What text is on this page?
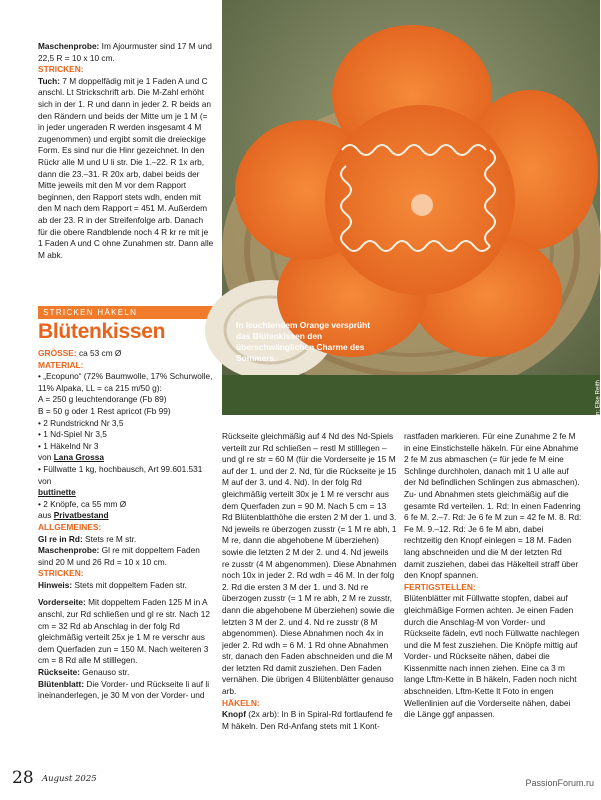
Maschenprobe: Im Ajourmuster sind 17 M und 22,5 R = 10 x 10 cm.

STRICKEN:

Tuch: 7 M doppelfädig mit je 1 Faden A und C anschl. Lt Strickschrift arb. Die M-Zahl erhöht sich in der 1. R und dann in jeder 2. R beids an den Rändern und beids der Mitte um je 1 M (= in jeder ungeraden R werden insgesamt 4 M zugenommen) und ergibt somit die dreieckige Form. Es sind nur die Hinr gezeichnet. In den Rückr alle M und U li str. Die 1.–22. R 1x arb, dann die 23.–31. R 20x arb, dabei beids der Mitte jeweils mit den M vor dem Rapport beginnen, den Rapport stets wdh, enden mit den M nach dem Rapport = 451 M. Außerdem ab der 23. R in der Streifenfolge arb. Danach für die obere Randblende noch 4 R kr re mit je 1 Faden A und C ohne Zunahmen str. Dann alle M abk.

STRICKEN HÄKELN
Blütenkissen

GRÖSSE: ca 53 cm Ø

MATERIAL:

• „Ecopuno“ (72% Baumwolle, 17% Schurwolle, 11% Alpaka, LL = ca 215 m/50 g):

A = 250 g leuchtendorange (Fb 89)

B = 50 g oder 1 Rest apricot (Fb 99)

• 2 Rundstricknd Nr 3,5

• 1 Nd-Spiel Nr 3,5

• 1 Häkelnd Nr 3

von Lana Grossa

• Füllwatte 1 kg, hochbausch, Art 99.601.531 von

buttinette

• 2 Knöpfe, ca 55 mm Ø

aus Privatbestand

ALLGEMEINES:

Gl re in Rd: Stets re M str.

Maschenprobe: Gl re mit doppeltem Faden sind 20 M und 26 Rd = 10 x 10 cm.

STRICKEN:

Hinweis: Stets mit doppeltem Faden str.

Vorderseite: Mit doppeltem Faden 125 M in A anschl, zur Rd schließen und gl re str. Nach 12 cm = 32 Rd ab Anschlag in der folg Rd gleichmäßig verteilt 25x je 1 M re verschr aus dem Querfaden zun = 150 M. Nach weiteren 3 cm = 8 Rd alle M stilllegen.

Rückseite: Genauso str.

Blütenblatt: Die Vorder- und Rückseite li auf li ineinanderlegen, je 30 M von der Vorder- und

In leuchtendem Orange versprüht das Blütenkissen den überschwänglichen Charme des Sommers.
Idee + Realisation: Angelika Alexis; Foto: Uwe Pokalorsen; Styling: Uli Glasemann; Elke Reith

Rückseite gleichmäßig auf 4 Nd des Nd-Spiels verteilt zur Rd schließen – restl M stilllegen – und gl re str = 60 M (für die Vorderseite je 15 M auf der 1. und der 2. Nd, für die Rückseite je 15 M auf der 3. und 4. Nd). In der folg Rd gleichmäßig verteilt 30x je 1 M re verschr aus dem Querfaden zun = 90 M. Nach 5 cm = 13 Rd Blütenblatthöhe die ersten 2 M der 1. und 3. Nd jeweils re überzogen zusstr (= 1 M re abh, 1 M re, dann die abgehobene M überziehen) sowie die letzten 2 M der 2. und 4. Nd jeweils re zusstr (4 M abgenommen). Diese Abnahmen noch 10x in jeder 2. Rd wdh = 46 M. In der folg 2. Rd die ersten 3 M der 1. und 3. Nd re überzogen zusstr (= 1 M re abh, 2 M re zusstr, dann die abgehobene M überziehen) sowie die letzten 3 M der 2. und 4. Nd re zusstr (8 M abgenommen). Diese Abnahmen noch 4x in jeder 2. Rd wdh = 6 M. 1 Rd ohne Abnahmen str, danach den Faden abschneiden und die M der letzten Rd damit zusziehen. Den Faden vernähen. Die übrigen 4 Blütenblätter genauso arb.

HÄKELN:

Knopf (2x arb): In B in Spiral-Rd fortlaufend fe M häkeln. Den Rd-Anfang stets mit 1 Kont-

rastfaden markieren. Für eine Zunahme 2 fe M in eine Einstichstelle häkeln. Für eine Abnahme 2 fe M zus abmaschen (= für jede fe M eine Schlinge durchholen, danach mit 1 U alle auf der Nd befindlichen Schlingen zus abmaschen). Zu- und Abnahmen stets gleichmäßig auf die gesamte Rd verteilen. 1. Rd: In einen Fadenring 6 fe M. 2.–7. Rd: Je 6 fe M zun = 42 fe M. 8. Rd: Fe M. 9.–12. Rd: Je 6 fe M abn, dabei rechtzeitig den Knopf einlegen = 18 M. Faden lang abschneiden und die M der letzten Rd damit zusziehen, dabei das Häkelteil straff über den Knopf spannen.

FERTIGSTELLEN:

Blütenblätter mit Füllwatte stopfen, dabei auf gleichmäßige Formen achten. Je einen Faden durch die Anschlag-M von Vorder- und Rückseite fädeln, evtl noch Füllwatte nachlegen und die M fest zusziehen. Die Knöpfe mittig auf Vorder- und Rückseite nähen, dabei die Kissenmitte nach innen ziehen. Eine ca 3 m lange Lftm-Kette in B häkeln, Faden noch nicht abschneiden. Lftm-Kette lt Foto in engen Wellenlinien auf die Vorderseite nähen, dabei die Länge ggf anpassen.

28 August 2025	PassionForum.ru
